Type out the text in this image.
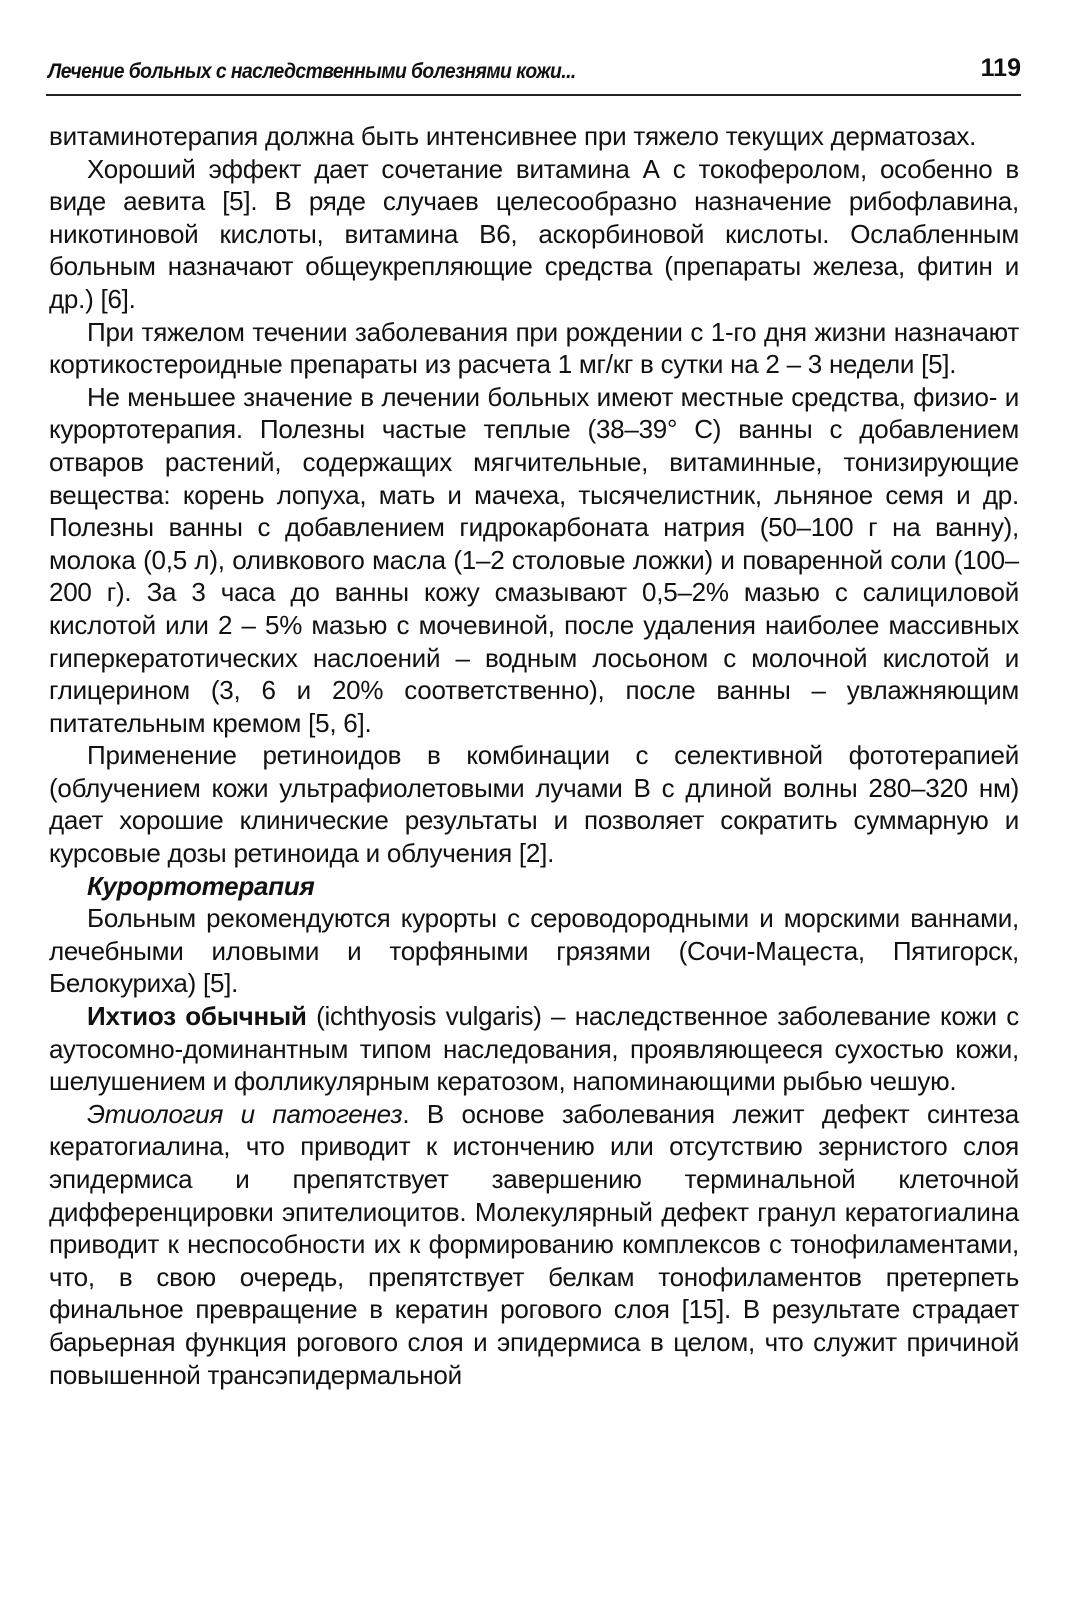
Лечение больных с наследственными болезнями кожи...	119

витаминотерапия должна быть интенсивнее при тяжело текущих дерматозах.

Хороший эффект дает сочетание витамина А с токоферолом, особенно в виде аевита [5]. В ряде случаев целесообразно назначение рибофлавина, никотиновой кислоты, витамина В6, аскорбиновой кислоты. Ослабленным больным назначают общеукрепляющие средства (препараты железа, фитин и др.) [6].

При тяжелом течении заболевания при рождении с 1-го дня жизни назначают кортикостероидные препараты из расчета 1 мг/кг в сутки на 2 – 3 недели [5].

Не меньшее значение в лечении больных имеют местные средства, физио- и курортотерапия. Полезны частые теплые (38–39° С) ванны с добавлением отваров растений, содержащих мягчительные, витаминные, тонизирующие вещества: корень лопуха, мать и мачеха, тысячелистник, льняное семя и др. Полезны ванны с добавлением гидрокарбоната натрия (50–100 г на ванну), молока (0,5 л), оливкового масла (1–2 столовые ложки) и поваренной соли (100–200 г). За 3 часа до ванны кожу смазывают 0,5–2% мазью с салициловой кислотой или 2 – 5% мазью с мочевиной, после удаления наиболее массивных гиперкератотических наслоений – водным лосьоном с молочной кислотой и глицерином (3, 6 и 20% соответственно), после ванны – увлажняющим питательным кремом [5, 6].

Применение ретиноидов в комбинации с селективной фототерапией (облучением кожи ультрафиолетовыми лучами В с длиной волны 280–320 нм) дает хорошие клинические результаты и позволяет сократить суммарную и курсовые дозы ретиноида и облучения [2].

Курортотерапия

Больным рекомендуются курорты с сероводородными и морскими ваннами, лечебными иловыми и торфяными грязями (Сочи-Мацеста, Пятигорск, Белокуриха) [5].

Ихтиоз обычный (ichthyosis vulgaris) – наследственное заболевание кожи с аутосомно-доминантным типом наследования, проявляющееся сухостью кожи, шелушением и фолликулярным кератозом, напоминающими рыбью чешую.

Этиология и патогенез. В основе заболевания лежит дефект синтеза кератогиалина, что приводит к истончению или отсутствию зернистого слоя эпидермиса и препятствует завершению терминальной клеточной дифференцировки эпителиоцитов. Молекулярный дефект гранул кератогиалина приводит к неспособности их к формированию комплексов с тонофиламентами, что, в свою очередь, препятствует белкам тонофиламентов претерпеть финальное превращение в кератин рогового слоя [15]. В результате страдает барьерная функция рогового слоя и эпидермиса в целом, что служит причиной повышенной трансэпидермальной
